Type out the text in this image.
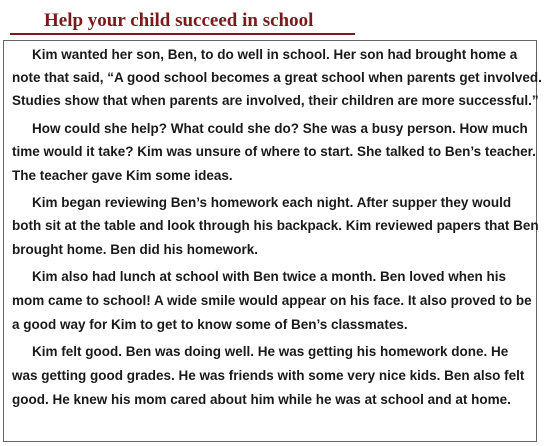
Help your child succeed in school
Kim wanted her son, Ben, to do well in school. Her son had brought home a
note that said, “A good school becomes a great school when parents get involved.
Studies show that when parents are involved, their children are more successful.”
How could she help? What could she do? She was a busy person. How much
time would it take? Kim was unsure of where to start. She talked to Ben’s teacher.
The teacher gave Kim some ideas.
Kim began reviewing Ben’s homework each night. After supper they would
both sit at the table and look through his backpack. Kim reviewed papers that Ben
brought home. Ben did his homework.
Kim also had lunch at school with Ben twice a month. Ben loved when his
mom came to school! A wide smile would appear on his face. It also proved to be
a good way for Kim to get to know some of Ben’s classmates.
Kim felt good. Ben was doing well. He was getting his homework done. He
was getting good grades. He was friends with some very nice kids. Ben also felt
good. He knew his mom cared about him while he was at school and at home.
